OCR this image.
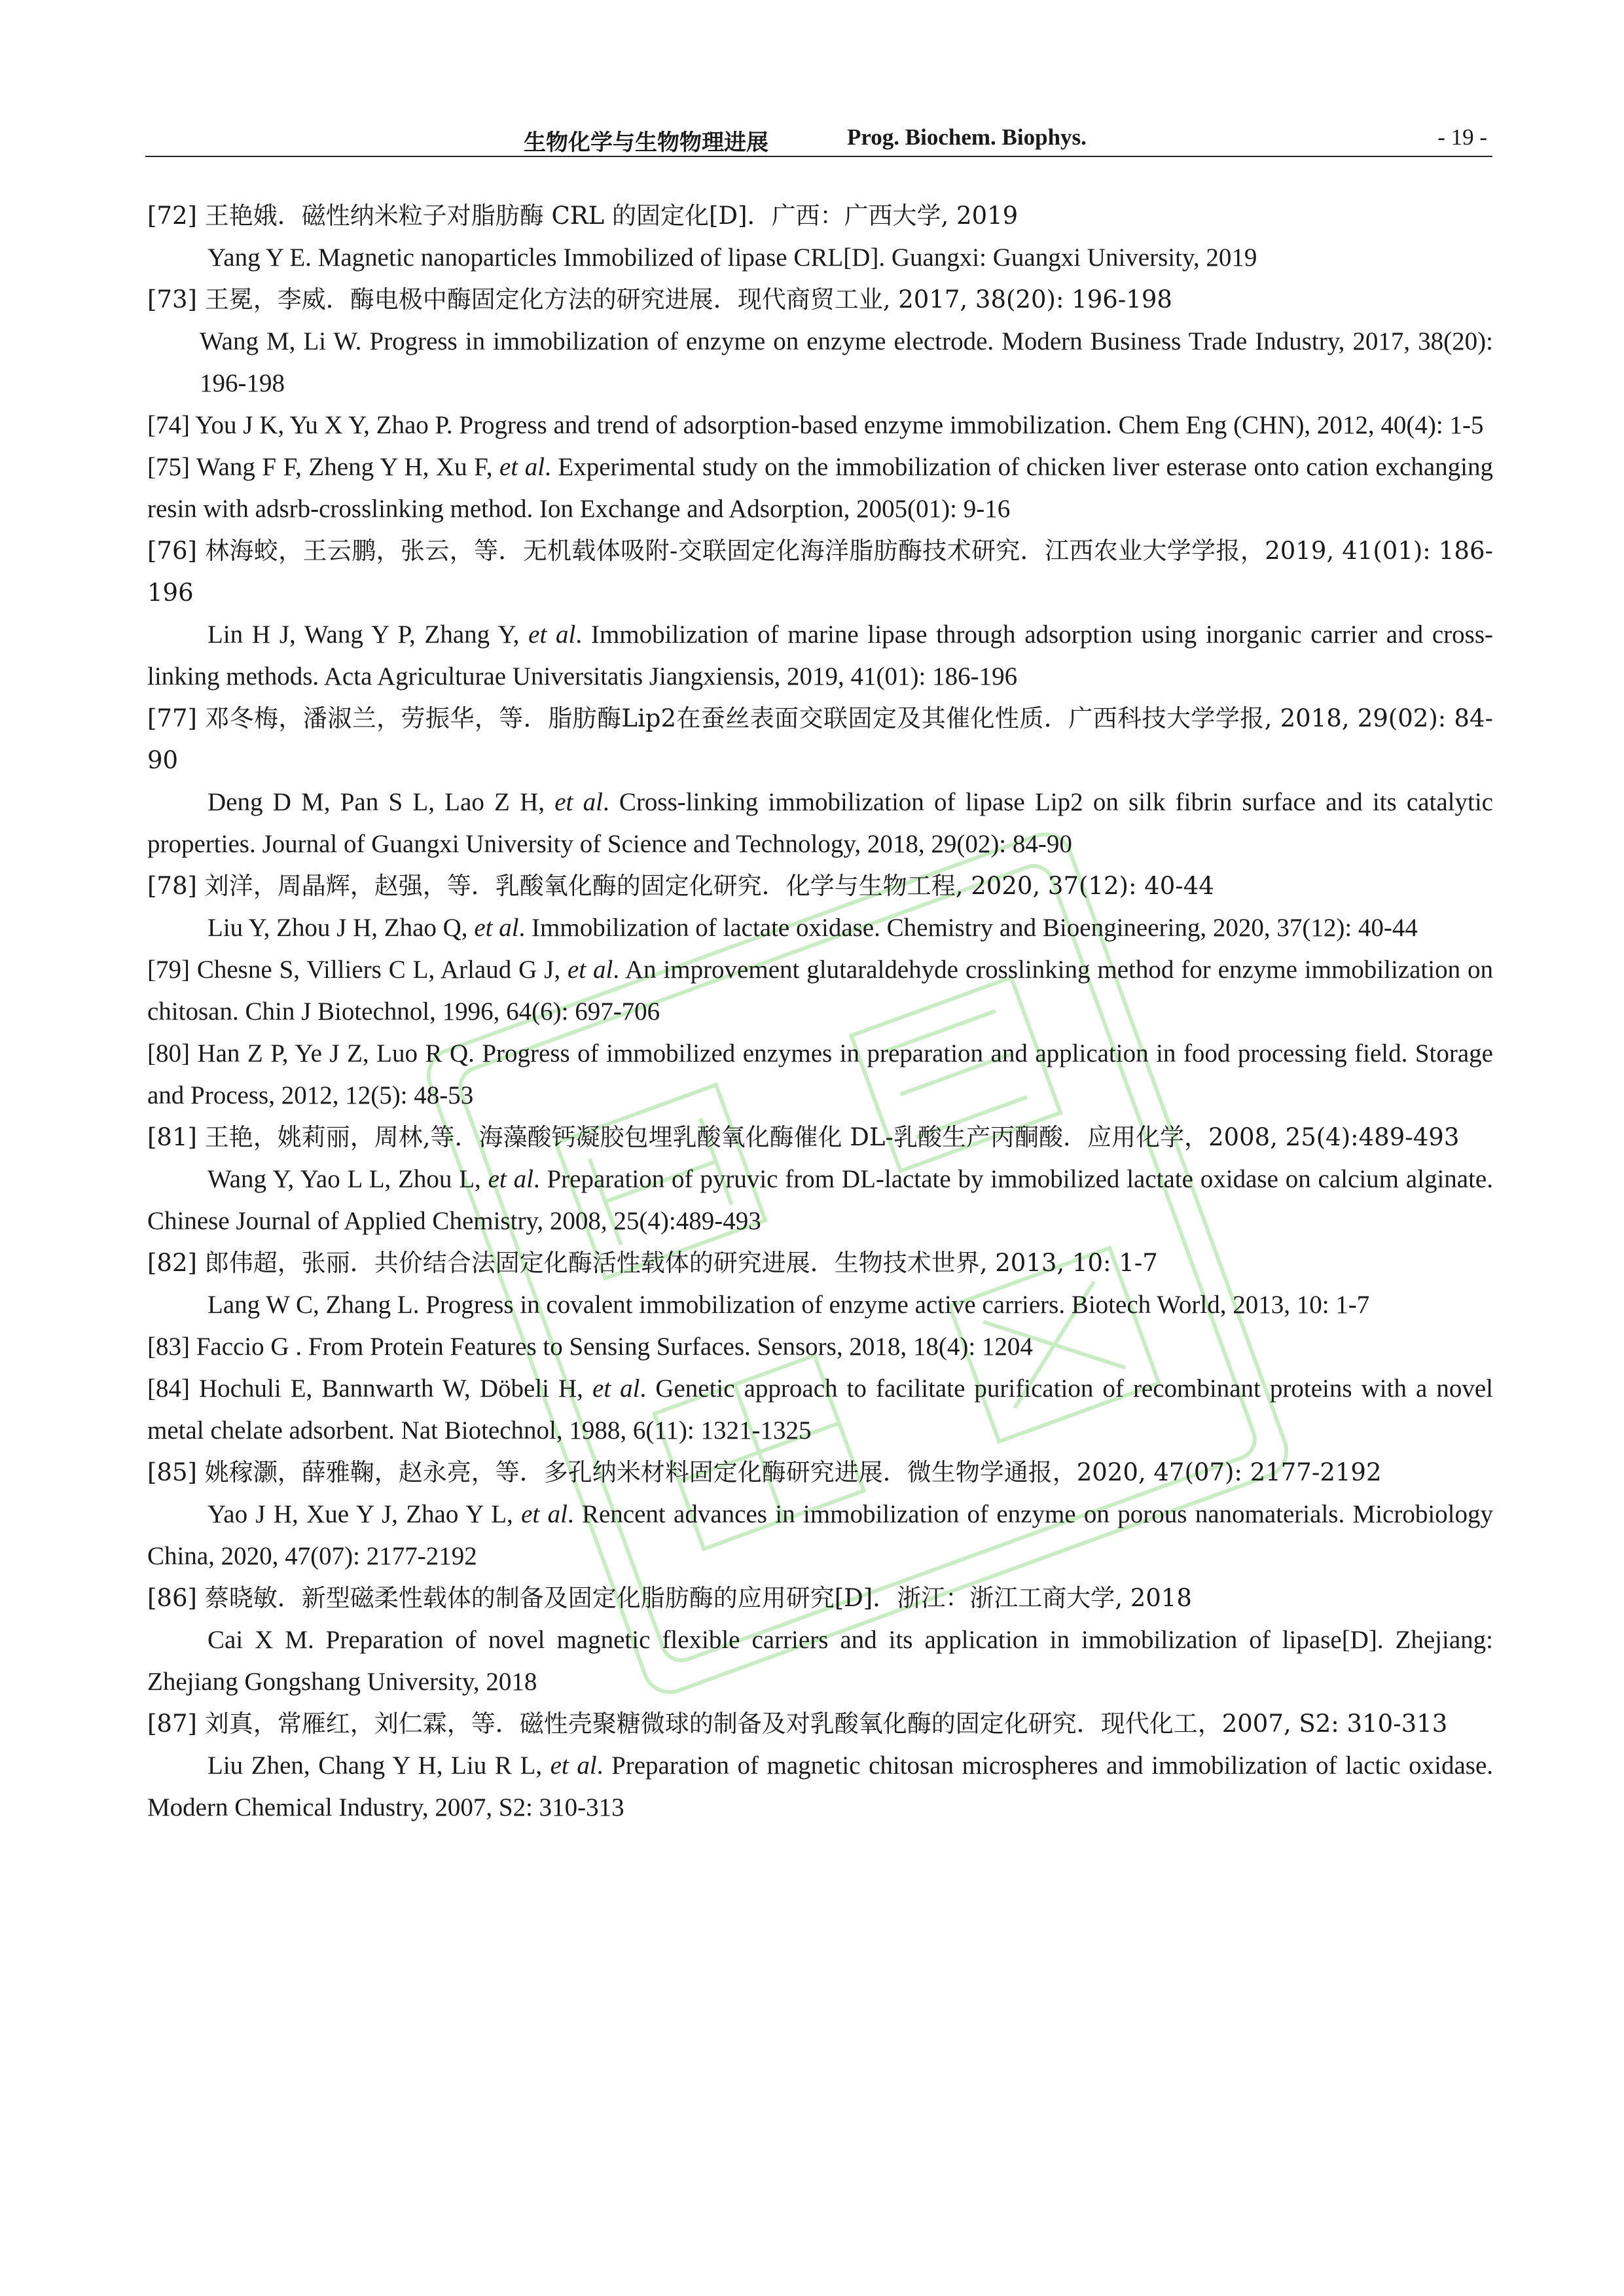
生物化学与生物物理进展	Prog. Biochem. Biophys.	- 19 -

[72] 王艳娥．磁性纳米粒子对脂肪酶 CRL 的固定化[D]．广西：广西大学, 2019

Yang Y E. Magnetic nanoparticles Immobilized of lipase CRL[D]. Guangxi: Guangxi University, 2019

[73] 王冕，李威．酶电极中酶固定化方法的研究进展．现代商贸工业, 2017, 38(20): 196-198

Wang M, Li W. Progress in immobilization of enzyme on enzyme electrode. Modern Business Trade Industry, 2017, 38(20): 196-198

[74] You J K, Yu X Y, Zhao P. Progress and trend of adsorption-based enzyme immobilization. Chem Eng (CHN), 2012, 40(4): 1-5

[75] Wang F F, Zheng Y H, Xu F, et al. Experimental study on the immobilization of chicken liver esterase onto cation exchanging resin with adsrb-crosslinking method. Ion Exchange and Adsorption, 2005(01): 9-16

[76] 林海蛟，王云鹏，张云，等．无机载体吸附-交联固定化海洋脂肪酶技术研究．江西农业大学学报，2019, 41(01): 186-196

Lin H J, Wang Y P, Zhang Y, et al. Immobilization of marine lipase through adsorption using inorganic carrier and cross-linking methods. Acta Agriculturae Universitatis Jiangxiensis, 2019, 41(01): 186-196

[77] 邓冬梅，潘淑兰，劳振华，等．脂肪酶Lip2在蚕丝表面交联固定及其催化性质．广西科技大学学报, 2018, 29(02): 84-90

Deng D M, Pan S L, Lao Z H, et al. Cross-linking immobilization of lipase Lip2 on silk fibrin surface and its catalytic properties. Journal of Guangxi University of Science and Technology, 2018, 29(02): 84-90

[78] 刘洋，周晶辉，赵强，等．乳酸氧化酶的固定化研究．化学与生物工程, 2020, 37(12): 40-44

Liu Y, Zhou J H, Zhao Q, et al. Immobilization of lactate oxidase. Chemistry and Bioengineering, 2020, 37(12): 40-44

[79] Chesne S, Villiers C L, Arlaud G J, et al. An improvement glutaraldehyde crosslinking method for enzyme immobilization on chitosan. Chin J Biotechnol, 1996, 64(6): 697-706

[80] Han Z P, Ye J Z, Luo R Q. Progress of immobilized enzymes in preparation and application in food processing field. Storage and Process, 2012, 12(5): 48-53

[81] 王艳，姚莉丽，周林,等．海藻酸钙凝胶包埋乳酸氧化酶催化 DL-乳酸生产丙酮酸．应用化学，2008, 25(4):489-493

Wang Y, Yao L L, Zhou L, et al. Preparation of pyruvic from DL-lactate by immobilized lactate oxidase on calcium alginate. Chinese Journal of Applied Chemistry, 2008, 25(4):489-493

[82] 郎伟超，张丽．共价结合法固定化酶活性载体的研究进展．生物技术世界, 2013, 10: 1-7

Lang W C, Zhang L. Progress in covalent immobilization of enzyme active carriers. Biotech World, 2013, 10: 1-7

[83] Faccio G . From Protein Features to Sensing Surfaces. Sensors, 2018, 18(4): 1204

[84] Hochuli E, Bannwarth W, Döbeli H, et al. Genetic approach to facilitate purification of recombinant proteins with a novel metal chelate adsorbent. Nat Biotechnol, 1988, 6(11): 1321-1325

[85] 姚稼灏，薛雅鞠，赵永亮，等．多孔纳米材料固定化酶研究进展．微生物学通报，2020, 47(07): 2177-2192

Yao J H, Xue Y J, Zhao Y L, et al. Rencent advances in immobilization of enzyme on porous nanomaterials. Microbiology China, 2020, 47(07): 2177-2192

[86] 蔡晓敏．新型磁柔性载体的制备及固定化脂肪酶的应用研究[D]．浙江：浙江工商大学, 2018

Cai X M. Preparation of novel magnetic flexible carriers and its application in immobilization of lipase[D]. Zhejiang: Zhejiang Gongshang University, 2018

[87] 刘真，常雁红，刘仁霖，等．磁性壳聚糖微球的制备及对乳酸氧化酶的固定化研究．现代化工，2007, S2: 310-313

Liu Zhen, Chang Y H, Liu R L, et al. Preparation of magnetic chitosan microspheres and immobilization of lactic oxidase. Modern Chemical Industry, 2007, S2: 310-313
